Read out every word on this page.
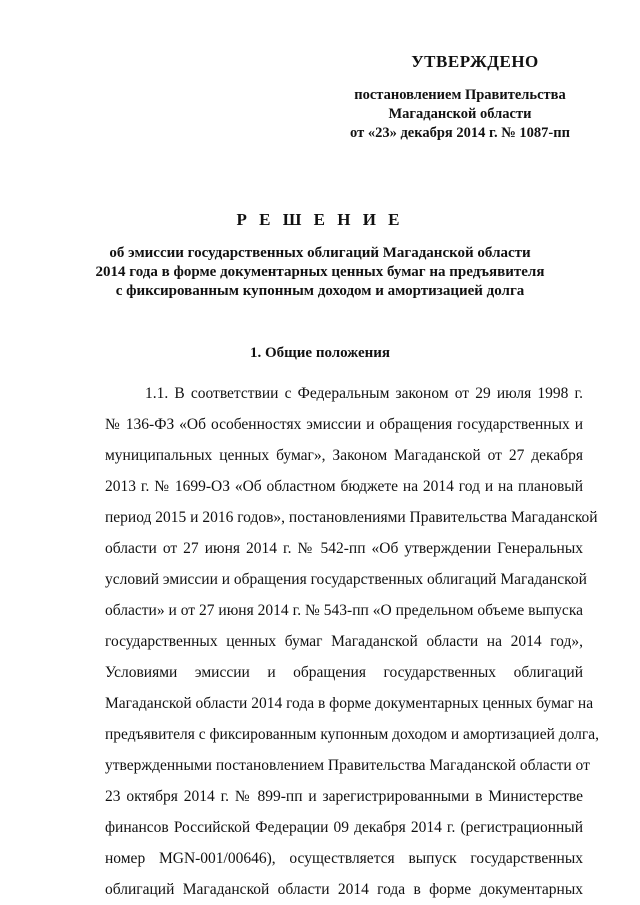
УТВЕРЖДЕНО
постановлением Правительства
Магаданской области
от «23» декабря 2014 г. № 1087-пп
Р Е Ш Е Н И Е
об эмиссии государственных облигаций Магаданской области
2014 года в форме документарных ценных бумаг на предъявителя
с фиксированным купонным доходом и амортизацией долга
1. Общие положения
1.1. В соответствии с Федеральным законом от 29 июля 1998 г.
№ 136-ФЗ «Об особенностях эмиссии и обращения государственных и
муниципальных ценных бумаг», Законом Магаданской от 27 декабря
2013 г. № 1699-ОЗ «Об областном бюджете на 2014 год и на плановый
период 2015 и 2016 годов», постановлениями Правительства Магаданской
области от 27 июня 2014 г. № 542-пп «Об утверждении Генеральных
условий эмиссии и обращения государственных облигаций Магаданской
области» и от 27 июня 2014 г. № 543-пп «О предельном объеме выпуска
государственных ценных бумаг Магаданской области на 2014 год»,
Условиями эмиссии и обращения государственных облигаций
Магаданской области 2014 года в форме документарных ценных бумаг на
предъявителя с фиксированным купонным доходом и амортизацией долга,
утвержденными постановлением Правительства Магаданской области от
23 октября 2014 г. № 899-пп и зарегистрированными в Министерстве
финансов Российской Федерации 09 декабря 2014 г. (регистрационный
номер MGN-001/00646), осуществляется выпуск государственных
облигаций Магаданской области 2014 года в форме документарных
